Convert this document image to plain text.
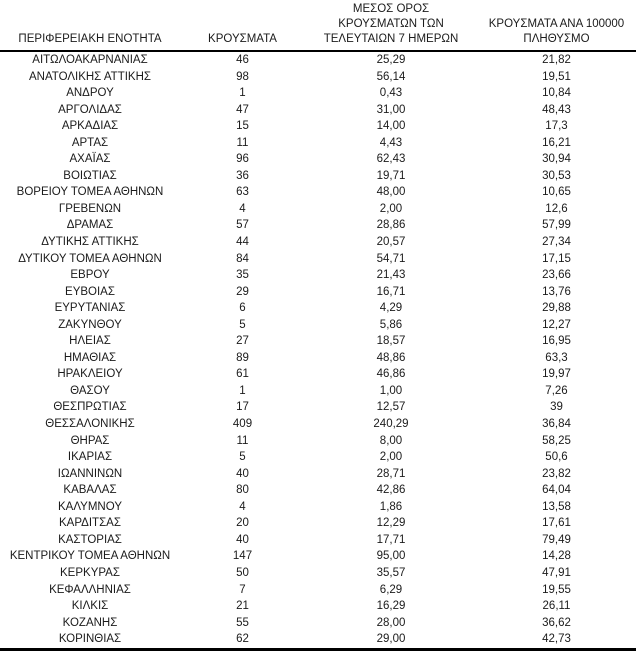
ΠΕΡΙΦΕΡΕΙΑΚΗ ΕΝΟΤΗΤΑ	ΚΡΟΥΣΜΑΤΑ	ΜΕΣΟΣ ΟΡΟΣ
ΚΡΟΥΣΜΑΤΩΝ ΤΩΝ
ΤΕΛΕΥΤΑΙΩΝ 7 ΗΜΕΡΩΝ	ΚΡΟΥΣΜΑΤΑ ΑΝΑ 100000
ΠΛΗΘΥΣΜΟ

ΑΙΤΩΛΟΑΚΑΡΝΑΝΙΑΣ	46	25,29	21,82
ΑΝΑΤΟΛΙΚΗΣ ΑΤΤΙΚΗΣ	98	56,14	19,51
ΑΝΔΡΟΥ	1	0,43	10,84
ΑΡΓΟΛΙΔΑΣ	47	31,00	48,43
ΑΡΚΑΔΙΑΣ	15	14,00	17,3
ΑΡΤΑΣ	11	4,43	16,21
ΑΧΑΪΑΣ	96	62,43	30,94
ΒΟΙΩΤΙΑΣ	36	19,71	30,53
ΒΟΡΕΙΟΥ ΤΟΜΕΑ ΑΘΗΝΩΝ	63	48,00	10,65
ΓΡΕΒΕΝΩΝ	4	2,00	12,6
ΔΡΑΜΑΣ	57	28,86	57,99
ΔΥΤΙΚΗΣ ΑΤΤΙΚΗΣ	44	20,57	27,34
ΔΥΤΙΚΟΥ ΤΟΜΕΑ ΑΘΗΝΩΝ	84	54,71	17,15
ΕΒΡΟΥ	35	21,43	23,66
ΕΥΒΟΙΑΣ	29	16,71	13,76
ΕΥΡΥΤΑΝΙΑΣ	6	4,29	29,88
ΖΑΚΥΝΘΟΥ	5	5,86	12,27
ΗΛΕΙΑΣ	27	18,57	16,95
ΗΜΑΘΙΑΣ	89	48,86	63,3
ΗΡΑΚΛΕΙΟΥ	61	46,86	19,97
ΘΑΣΟΥ	1	1,00	7,26
ΘΕΣΠΡΩΤΙΑΣ	17	12,57	39
ΘΕΣΣΑΛΟΝΙΚΗΣ	409	240,29	36,84
ΘΗΡΑΣ	11	8,00	58,25
ΙΚΑΡΙΑΣ	5	2,00	50,6
ΙΩΑΝΝΙΝΩΝ	40	28,71	23,82
ΚΑΒΑΛΑΣ	80	42,86	64,04
ΚΑΛΥΜΝΟΥ	4	1,86	13,58
ΚΑΡΔΙΤΣΑΣ	20	12,29	17,61
ΚΑΣΤΟΡΙΑΣ	40	17,71	79,49
ΚΕΝΤΡΙΚΟΥ ΤΟΜΕΑ ΑΘΗΝΩΝ	147	95,00	14,28
ΚΕΡΚΥΡΑΣ	50	35,57	47,91
ΚΕΦΑΛΛΗΝΙΑΣ	7	6,29	19,55
ΚΙΛΚΙΣ	21	16,29	26,11
ΚΟΖΑΝΗΣ	55	28,00	36,62
ΚΟΡΙΝΘΙΑΣ	62	29,00	42,73
